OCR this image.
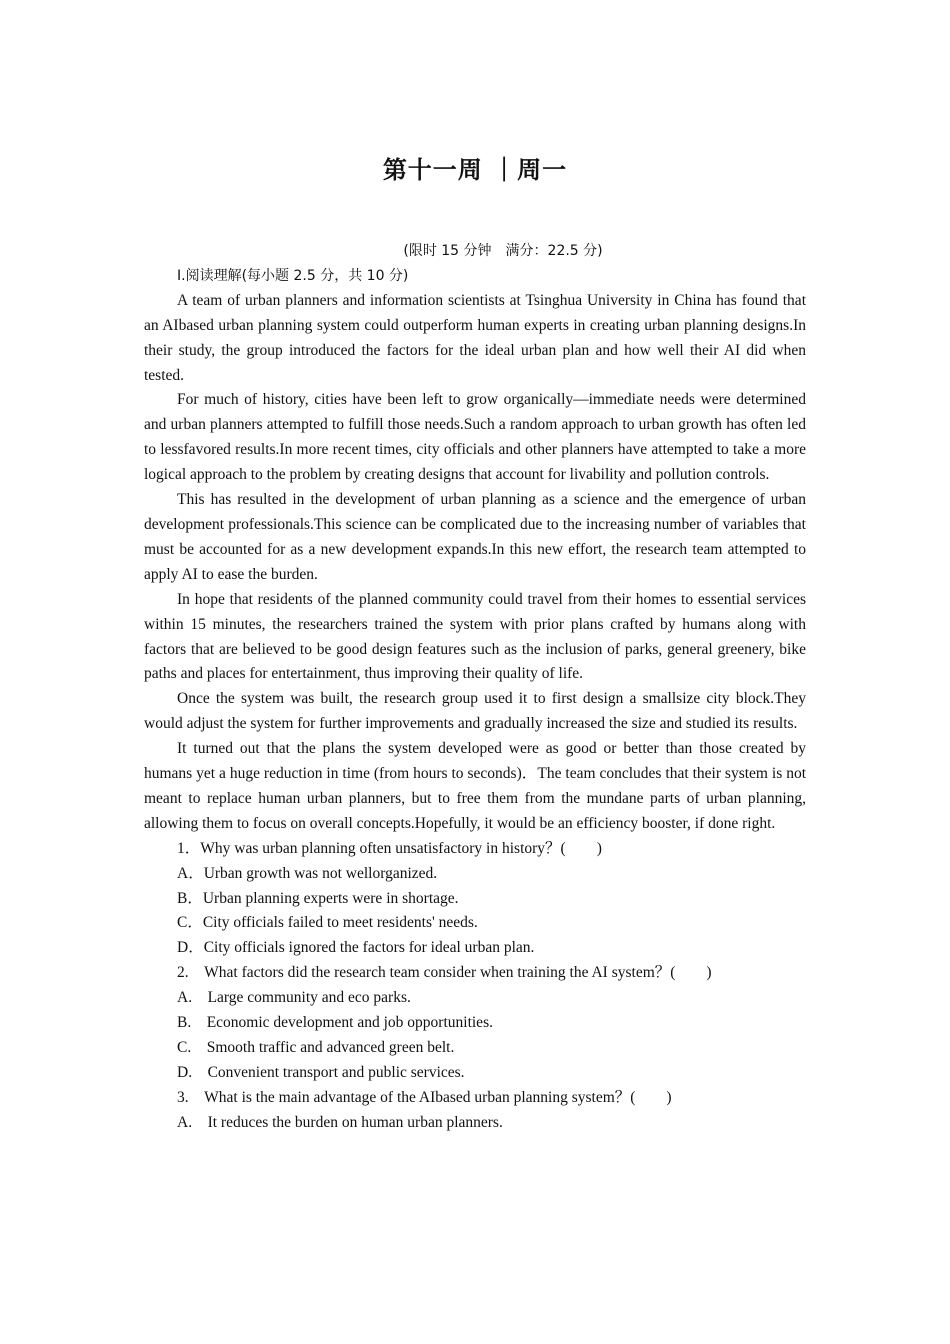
第十一周 ｜周一
(限时 15 分钟　满分：22.5 分)
Ⅰ.阅读理解(每小题 2.5 分，共 10 分)

A team of urban planners and information scientists at Tsinghua University in China has found that an AIbased urban planning system could outperform human experts in creating urban planning designs.In their study, the group introduced the factors for the ideal urban plan and how well their AI did when tested.

For much of history, cities have been left to grow organically—immediate needs were determined and urban planners attempted to fulfill those needs.Such a random approach to urban growth has often led to lessfavored results.In more recent times, city officials and other planners have attempted to take a more logical approach to the problem by creating designs that account for livability and pollution controls.

This has resulted in the development of urban planning as a science and the emergence of urban development professionals.This science can be complicated due to the increasing number of variables that must be accounted for as a new development expands.In this new effort, the research team attempted to apply AI to ease the burden.

In hope that residents of the planned community could travel from their homes to essential services within 15 minutes, the researchers trained the system with prior plans crafted by humans along with factors that are believed to be good design features such as the inclusion of parks, general greenery, bike paths and places for entertainment, thus improving their quality of life.

Once the system was built, the research group used it to first design a smallsize city block.They would adjust the system for further improvements and gradually increased the size and studied its results.

It turned out that the plans the system developed were as good or better than those created by humans yet a huge reduction in time (from hours to seconds)．The team concludes that their system is not meant to replace human urban planners, but to free them from the mundane parts of urban planning, allowing them to focus on overall concepts.Hopefully, it would be an efficiency booster, if done right.

1．Why was urban planning often unsatisfactory in history？(　　)

A．Urban growth was not wellorganized.

B．Urban planning experts were in shortage.

C．City officials failed to meet residents' needs.

D．City officials ignored the factors for ideal urban plan.

2.　What factors did the research team consider when training the AI system？(　　)

A.　Large community and eco parks.

B.　Economic development and job opportunities.

C.　Smooth traffic and advanced green belt.

D.　Convenient transport and public services.

3.　What is the main advantage of the AIbased urban planning system？(　　)

A.　It reduces the burden on human urban planners.
